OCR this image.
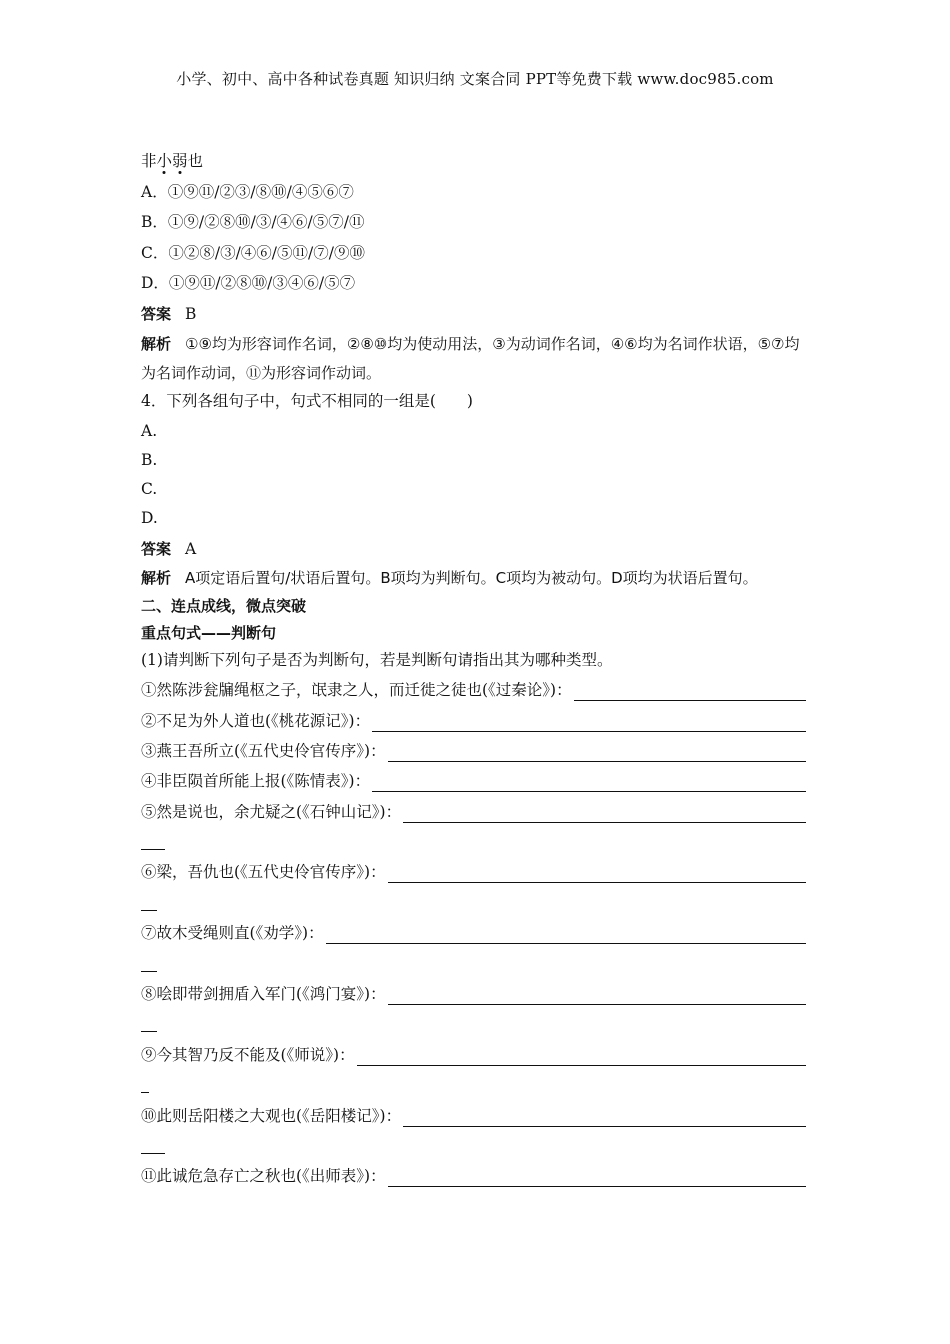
小学、初中、高中各种试卷真题 知识归纳 文案合同 PPT等免费下载 www.doc985.com
非小弱也
A．①⑨⑪/②③/⑧⑩/④⑤⑥⑦
B．①⑨/②⑧⑩/③/④⑥/⑤⑦/⑪
C．①②⑧/③/④⑥/⑤⑪/⑦/⑨⑩
D．①⑨⑪/②⑧⑩/③④⑥/⑤⑦
答案 B
解析 ①⑨均为形容词作名词，②⑧⑩均为使动用法，③为动词作名词，④⑥均为名词作状语，⑤⑦均为名词作动词，⑪为形容词作动词。
4．下列各组句子中，句式不相同的一组是(　　)
A.
B.
C.
D.
答案 A
解析 A项定语后置句/状语后置句。B项均为判断句。C项均为被动句。D项均为状语后置句。
二、连点成线，微点突破
重点句式——判断句
(1)请判断下列句子是否为判断句，若是判断句请指出其为哪种类型。
①然陈涉瓮牖绳枢之子，氓隶之人，而迁徙之徒也(《过秦论》)：
②不足为外人道也(《桃花源记》)：
③燕王吾所立(《五代史伶官传序》)：
④非臣陨首所能上报(《陈情表》)：
⑤然是说也，余尤疑之(《石钟山记》)：
⑥梁，吾仇也(《五代史伶官传序》)：
⑦故木受绳则直(《劝学》)：
⑧哙即带剑拥盾入军门(《鸿门宴》)：
⑨今其智乃反不能及(《师说》)：
⑩此则岳阳楼之大观也(《岳阳楼记》)：
⑪此诚危急存亡之秋也(《出师表》)：
